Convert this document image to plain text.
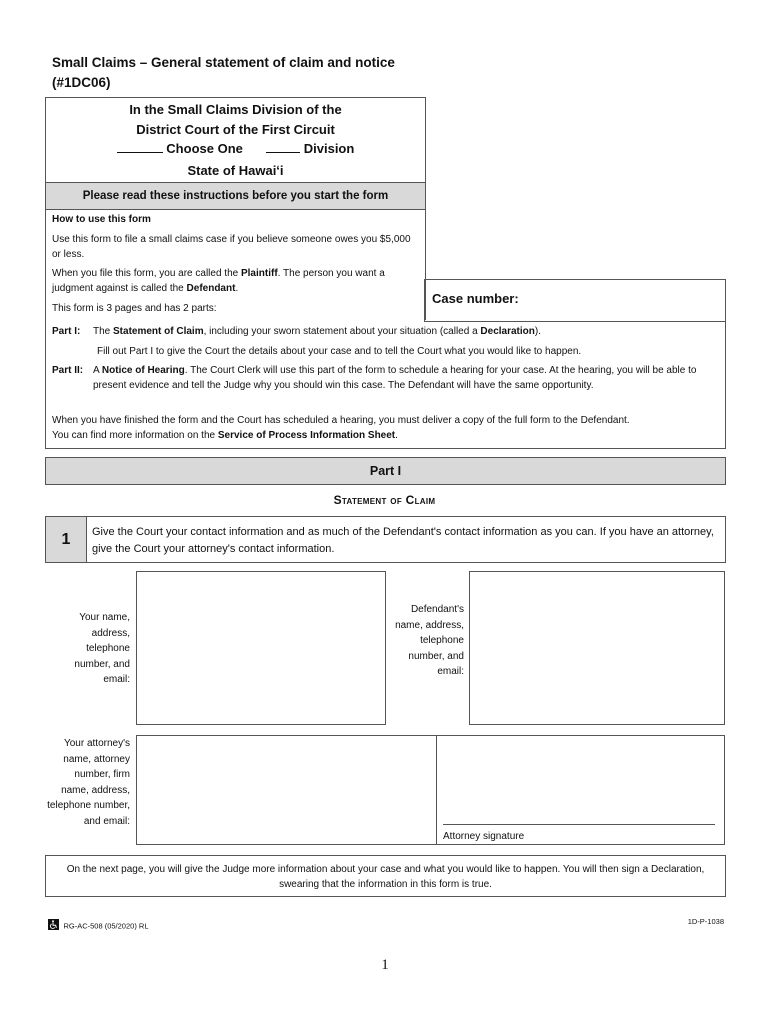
Small Claims – General statement of claim and notice
(#1DC06)
In the Small Claims Division of the
District Court of the First Circuit
Choose One	Division
State of Hawaiʻi
Please read these instructions before you start the form
How to use this form
Use this form to file a small claims case if you believe someone owes you $5,000 or less.
When you file this form, you are called the Plaintiff. The person you want a judgment against is called the Defendant.
This form is 3 pages and has 2 parts:
Case number:
Part I: The Statement of Claim, including your sworn statement about your situation (called a Declaration).
Fill out Part I to give the Court the details about your case and to tell the Court what you would like to happen.
Part II: A Notice of Hearing. The Court Clerk will use this part of the form to schedule a hearing for your case. At the hearing, you will be able to present evidence and tell the Judge why you should win this case. The Defendant will have the same opportunity.
When you have finished the form and the Court has scheduled a hearing, you must deliver a copy of the full form to the Defendant.
You can find more information on the Service of Process Information Sheet.
Part I
Statement of Claim
1	Give the Court your contact information and as much of the Defendant's contact information as you can. If you have an attorney, give the Court your attorney's contact information.
Your name, address, telephone number, and email:
Defendant's name, address, telephone number, and email:
Your attorney's name, attorney number, firm name, address, telephone number, and email:
Attorney signature
On the next page, you will give the Judge more information about your case and what you would like to happen. You will then sign a Declaration, swearing that the information in this form is true.
RG-AC-508 (05/2020) RL	1D-P-1038
1
